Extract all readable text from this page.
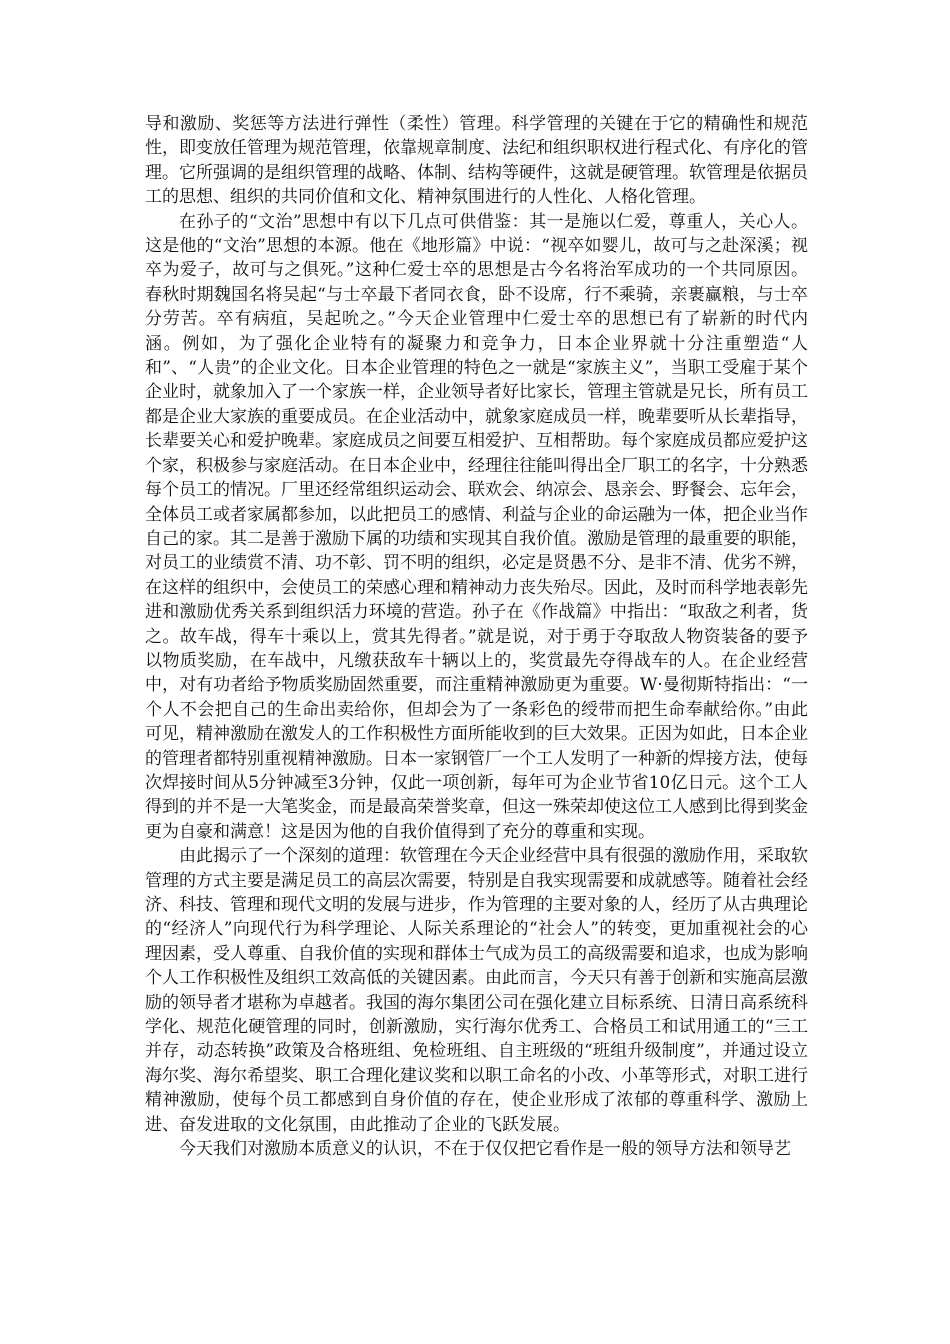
导和激励、奖惩等方法进行弹性（柔性）管理。科学管理的关键在于它的精确性和规范性，即变放任管理为规范管理，依靠规章制度、法纪和组织职权进行程式化、有序化的管理。它所强调的是组织管理的战略、体制、结构等硬件，这就是硬管理。软管理是依据员工的思想、组织的共同价值和文化、精神氛围进行的人性化、人格化管理。

在孙子的“文治”思想中有以下几点可供借鉴：其一是施以仁爱，尊重人，关心人。这是他的“文治”思想的本源。他在《地形篇》中说：“视卒如婴儿，故可与之赴深溪；视卒为爱子，故可与之俱死。”这种仁爱士卒的思想是古今名将治军成功的一个共同原因。春秋时期魏国名将吴起“与士卒最下者同衣食，卧不设席，行不乘骑，亲裹赢粮，与士卒分劳苦。卒有病疽，吴起吮之。”今天企业管理中仁爱士卒的思想已有了崭新的时代内涵。例如，为了强化企业特有的凝聚力和竞争力，日本企业界就十分注重塑造“人和”、“人贵”的企业文化。日本企业管理的特色之一就是“家族主义”，当职工受雇于某个企业时，就象加入了一个家族一样，企业领导者好比家长，管理主管就是兄长，所有员工都是企业大家族的重要成员。在企业活动中，就象家庭成员一样，晚辈要听从长辈指导，长辈要关心和爱护晚辈。家庭成员之间要互相爱护、互相帮助。每个家庭成员都应爱护这个家，积极参与家庭活动。在日本企业中，经理往往能叫得出全厂职工的名字，十分熟悉每个员工的情况。厂里还经常组织运动会、联欢会、纳凉会、恳亲会、野餐会、忘年会，全体员工或者家属都参加，以此把员工的感情、利益与企业的命运融为一体，把企业当作自己的家。其二是善于激励下属的功绩和实现其自我价值。激励是管理的最重要的职能，对员工的业绩赏不清、功不彰、罚不明的组织，必定是贤愚不分、是非不清、优劣不辨，在这样的组织中，会使员工的荣感心理和精神动力丧失殆尽。因此，及时而科学地表彰先进和激励优秀关系到组织活力环境的营造。孙子在《作战篇》中指出：“取敌之利者，货之。故车战，得车十乘以上，赏其先得者。”就是说，对于勇于夺取敌人物资装备的要予以物质奖励，在车战中，凡缴获敌车十辆以上的，奖赏最先夺得战车的人。在企业经营中，对有功者给予物质奖励固然重要，而注重精神激励更为重要。W·曼彻斯特指出：“一个人不会把自己的生命出卖给你，但却会为了一条彩色的绶带而把生命奉献给你。”由此可见，精神激励在激发人的工作积极性方面所能收到的巨大效果。正因为如此，日本企业的管理者都特别重视精神激励。日本一家钢管厂一个工人发明了一种新的焊接方法，使每次焊接时间从5分钟减至3分钟，仅此一项创新，每年可为企业节省10亿日元。这个工人得到的并不是一大笔奖金，而是最高荣誉奖章，但这一殊荣却使这位工人感到比得到奖金更为自豪和满意！这是因为他的自我价值得到了充分的尊重和实现。

由此揭示了一个深刻的道理：软管理在今天企业经营中具有很强的激励作用，采取软管理的方式主要是满足员工的高层次需要，特别是自我实现需要和成就感等。随着社会经济、科技、管理和现代文明的发展与进步，作为管理的主要对象的人，经历了从古典理论的“经济人”向现代行为科学理论、人际关系理论的“社会人”的转变，更加重视社会的心理因素，受人尊重、自我价值的实现和群体士气成为员工的高级需要和追求，也成为影响个人工作积极性及组织工效高低的关键因素。由此而言，今天只有善于创新和实施高层激励的领导者才堪称为卓越者。我国的海尔集团公司在强化建立目标系统、日清日高系统科学化、规范化硬管理的同时，创新激励，实行海尔优秀工、合格员工和试用通工的“三工并存，动态转换”政策及合格班组、免检班组、自主班级的“班组升级制度”，并通过设立海尔奖、海尔希望奖、职工合理化建议奖和以职工命名的小改、小革等形式，对职工进行精神激励，使每个员工都感到自身价值的存在，使企业形成了浓郁的尊重科学、激励上进、奋发进取的文化氛围，由此推动了企业的飞跃发展。

今天我们对激励本质意义的认识，不在于仅仅把它看作是一般的领导方法和领导艺
